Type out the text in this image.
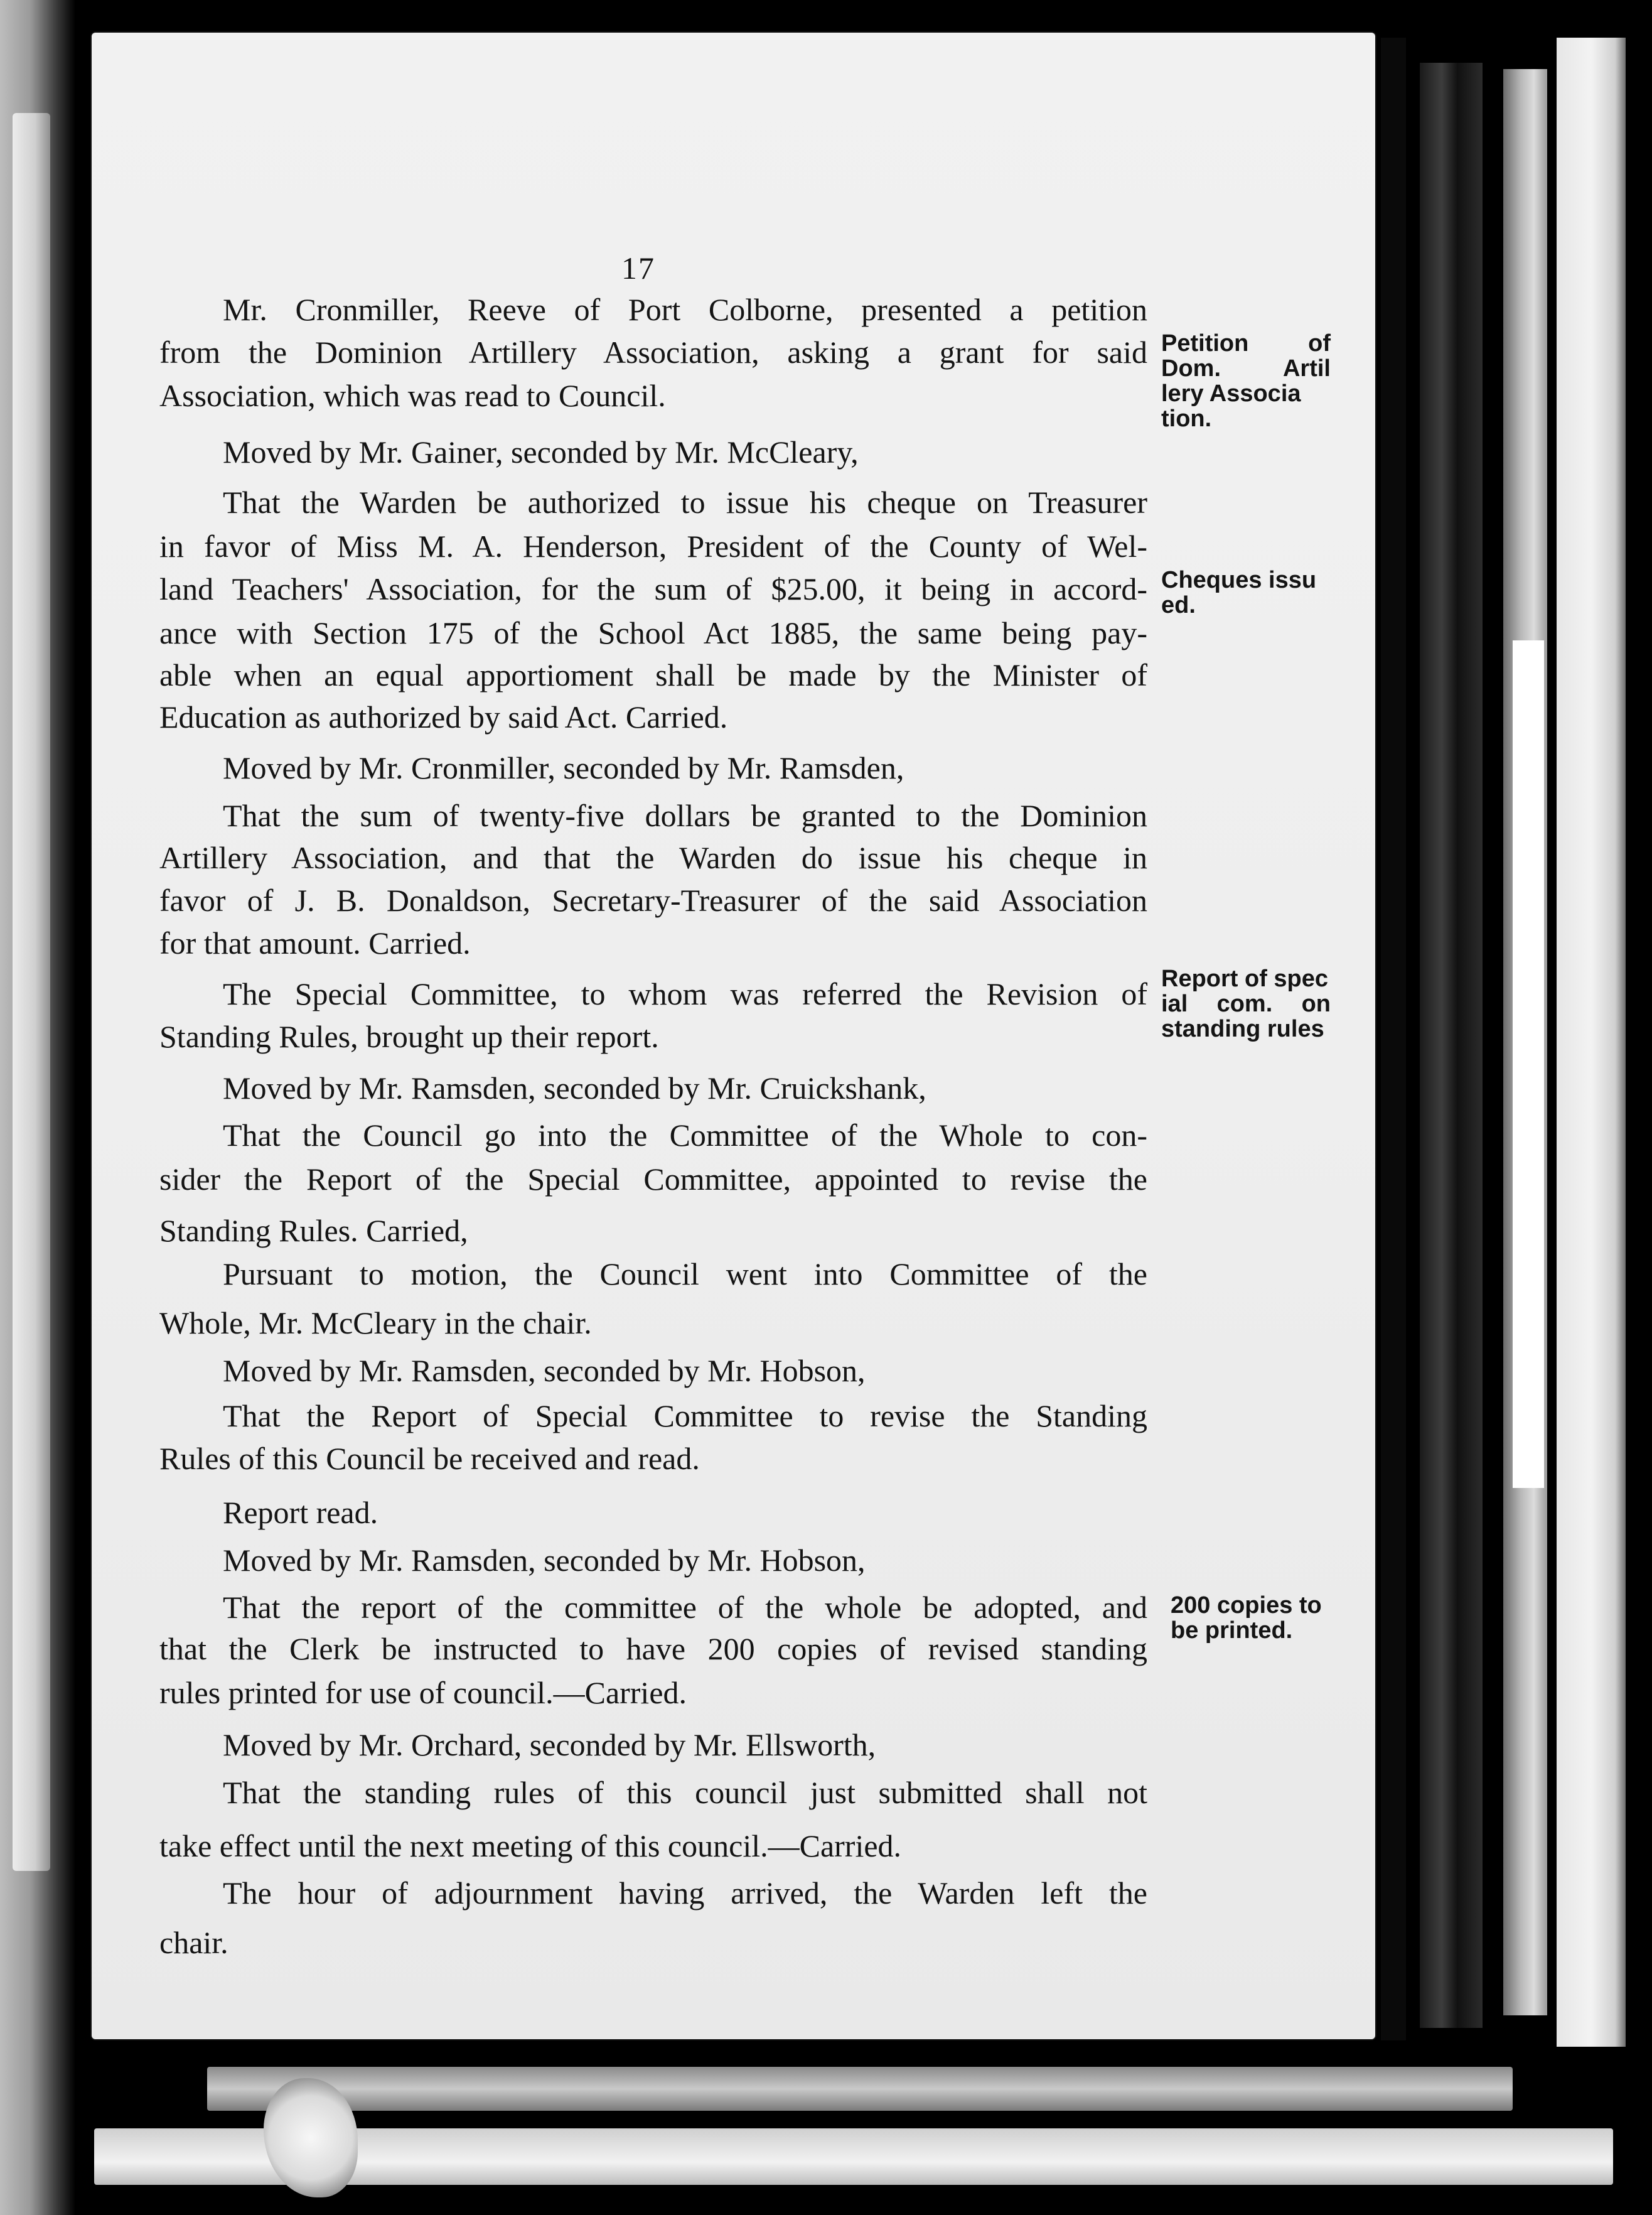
17
Mr. Cronmiller, Reeve of Port Colborne, presented a petition
from the Dominion Artillery Association, asking a grant for said
Association, which was read to Council.
Moved by Mr. Gainer, seconded by Mr. McCleary,
That the Warden be authorized to issue his cheque on Treasurer
in favor of Miss M. A. Henderson, President of the County of Wel-
land Teachers' Association, for the sum of $25.00, it being in accord-
ance with Section 175 of the School Act 1885, the same being pay-
able when an equal apportioment shall be made by the Minister of
Education as authorized by said Act. Carried.
Moved by Mr. Cronmiller, seconded by Mr. Ramsden,
That the sum of twenty-five dollars be granted to the Dominion
Artillery Association, and that the Warden do issue his cheque in
favor of J. B. Donaldson, Secretary-Treasurer of the said Association
for that amount. Carried.
The Special Committee, to whom was referred the Revision of
Standing Rules, brought up their report.
Moved by Mr. Ramsden, seconded by Mr. Cruickshank,
That the Council go into the Committee of the Whole to con-
sider the Report of the Special Committee, appointed to revise the
Standing Rules. Carried,
Pursuant to motion, the Council went into Committee of the
Whole, Mr. McCleary in the chair.
Moved by Mr. Ramsden, seconded by Mr. Hobson,
That the Report of Special Committee to revise the Standing
Rules of this Council be received and read.
Report read.
Moved by Mr. Ramsden, seconded by Mr. Hobson,
That the report of the committee of the whole be adopted, and
that the Clerk be instructed to have 200 copies of revised standing
rules printed for use of council.—Carried.
Moved by Mr. Orchard, seconded by Mr. Ellsworth,
That the standing rules of this council just submitted shall not
take effect until the next meeting of this council.—Carried.
The hour of adjournment having arrived, the Warden left the
chair.
Petition of
Dom. Artil
lery Associa
tion.
Cheques issu
ed.
Report of spec
ial com. on
standing rules
200 copies to
be printed.
